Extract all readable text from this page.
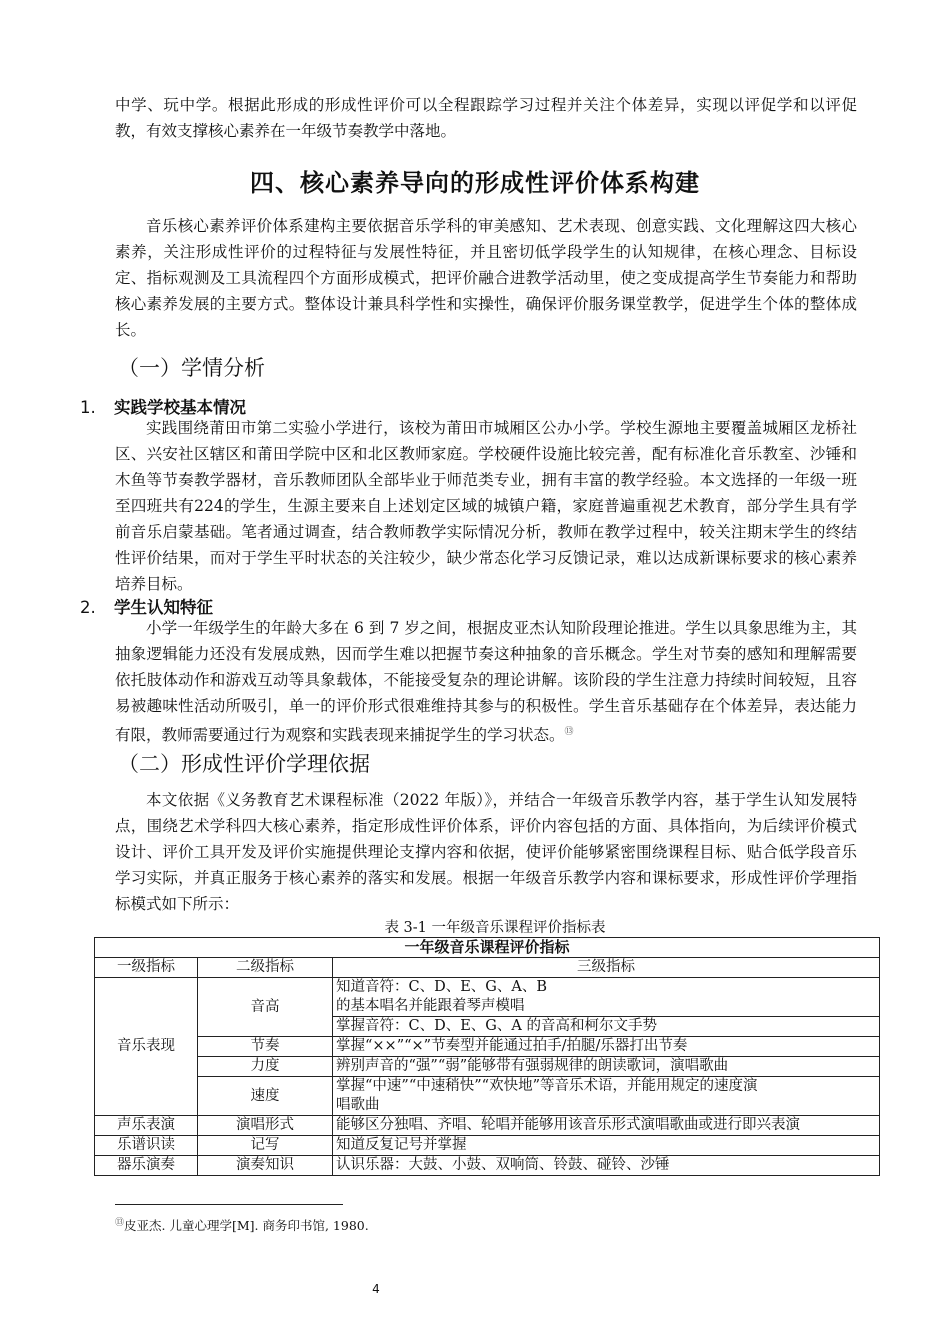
中学、玩中学。根据此形成的形成性评价可以全程跟踪学习过程并关注个体差异，实现以评促学和以评促教，有效支撑核心素养在一年级节奏教学中落地。

四、核心素养导向的形成性评价体系构建

音乐核心素养评价体系建构主要依据音乐学科的审美感知、艺术表现、创意实践、文化理解这四大核心素养，关注形成性评价的过程特征与发展性特征，并且密切低学段学生的认知规律，在核心理念、目标设定、指标观测及工具流程四个方面形成模式，把评价融合进教学活动里，使之变成提高学生节奏能力和帮助核心素养发展的主要方式。整体设计兼具科学性和实操性，确保评价服务课堂教学，促进学生个体的整体成长。

（一）学情分析
1. 实践学校基本情况

实践围绕莆田市第二实验小学进行，该校为莆田市城厢区公办小学。学校生源地主要覆盖城厢区龙桥社区、兴安社区辖区和莆田学院中区和北区教师家庭。学校硬件设施比较完善，配有标准化音乐教室、沙锤和木鱼等节奏教学器材，音乐教师团队全部毕业于师范类专业，拥有丰富的教学经验。本文选择的一年级一班至四班共有224的学生，生源主要来自上述划定区域的城镇户籍，家庭普遍重视艺术教育，部分学生具有学前音乐启蒙基础。笔者通过调查，结合教师教学实际情况分析，教师在教学过程中，较关注期末学生的终结性评价结果，而对于学生平时状态的关注较少，缺少常态化学习反馈记录，难以达成新课标要求的核心素养培养目标。

2. 学生认知特征

小学一年级学生的年龄大多在 6 到 7 岁之间，根据皮亚杰认知阶段理论推进。学生以具象思维为主，其抽象逻辑能力还没有发展成熟，因而学生难以把握节奏这种抽象的音乐概念。学生对节奏的感知和理解需要依托肢体动作和游戏互动等具象载体，不能接受复杂的理论讲解。该阶段的学生注意力持续时间较短，且容易被趣味性活动所吸引，单一的评价形式很难维持其参与的积极性。学生音乐基础存在个体差异，表达能力有限，教师需要通过行为观察和实践表现来捕捉学生的学习状态。⑬

（二）形成性评价学理依据

本文依据《义务教育艺术课程标准（2022 年版）》，并结合一年级音乐教学内容，基于学生认知发展特点，围绕艺术学科四大核心素养，指定形成性评价体系，评价内容包括的方面、具体指向，为后续评价模式设计、评价工具开发及评价实施提供理论支撑内容和依据，使评价能够紧密围绕课程目标、贴合低学段音乐学习实际，并真正服务于核心素养的落实和发展。根据一年级音乐教学内容和课标要求，形成性评价学理指标模式如下所示：

表 3-1 一年级音乐课程评价指标表

一年级音乐课程评价指标		
一级指标	二级指标	三级指标
音乐表现	音高	知道音符：C、D、E、G、A、B
的基本唱名并能跟着琴声模唱

		掌握音符：C、D、E、G、A 的音高和柯尔文手势
	节奏	掌握“××”“×”节奏型并能通过拍手/拍腿/乐器打出节奏
	力度	辨别声音的“强”“弱”能够带有强弱规律的朗读歌词，演唱歌曲
	速度	掌握“中速”“中速稍快”“欢快地”等音乐术语，并能用规定的速度演
唱歌曲

声乐表演	演唱形式	能够区分独唱、齐唱、轮唱并能够用该音乐形式演唱歌曲或进行即兴表演
乐谱识读	记写	知道反复记号并掌握
器乐演奏	演奏知识	认识乐器：大鼓、小鼓、双响筒、铃鼓、碰铃、沙锤

⑬皮亚杰. 儿童心理学[M]. 商务印书馆, 1980.

4
